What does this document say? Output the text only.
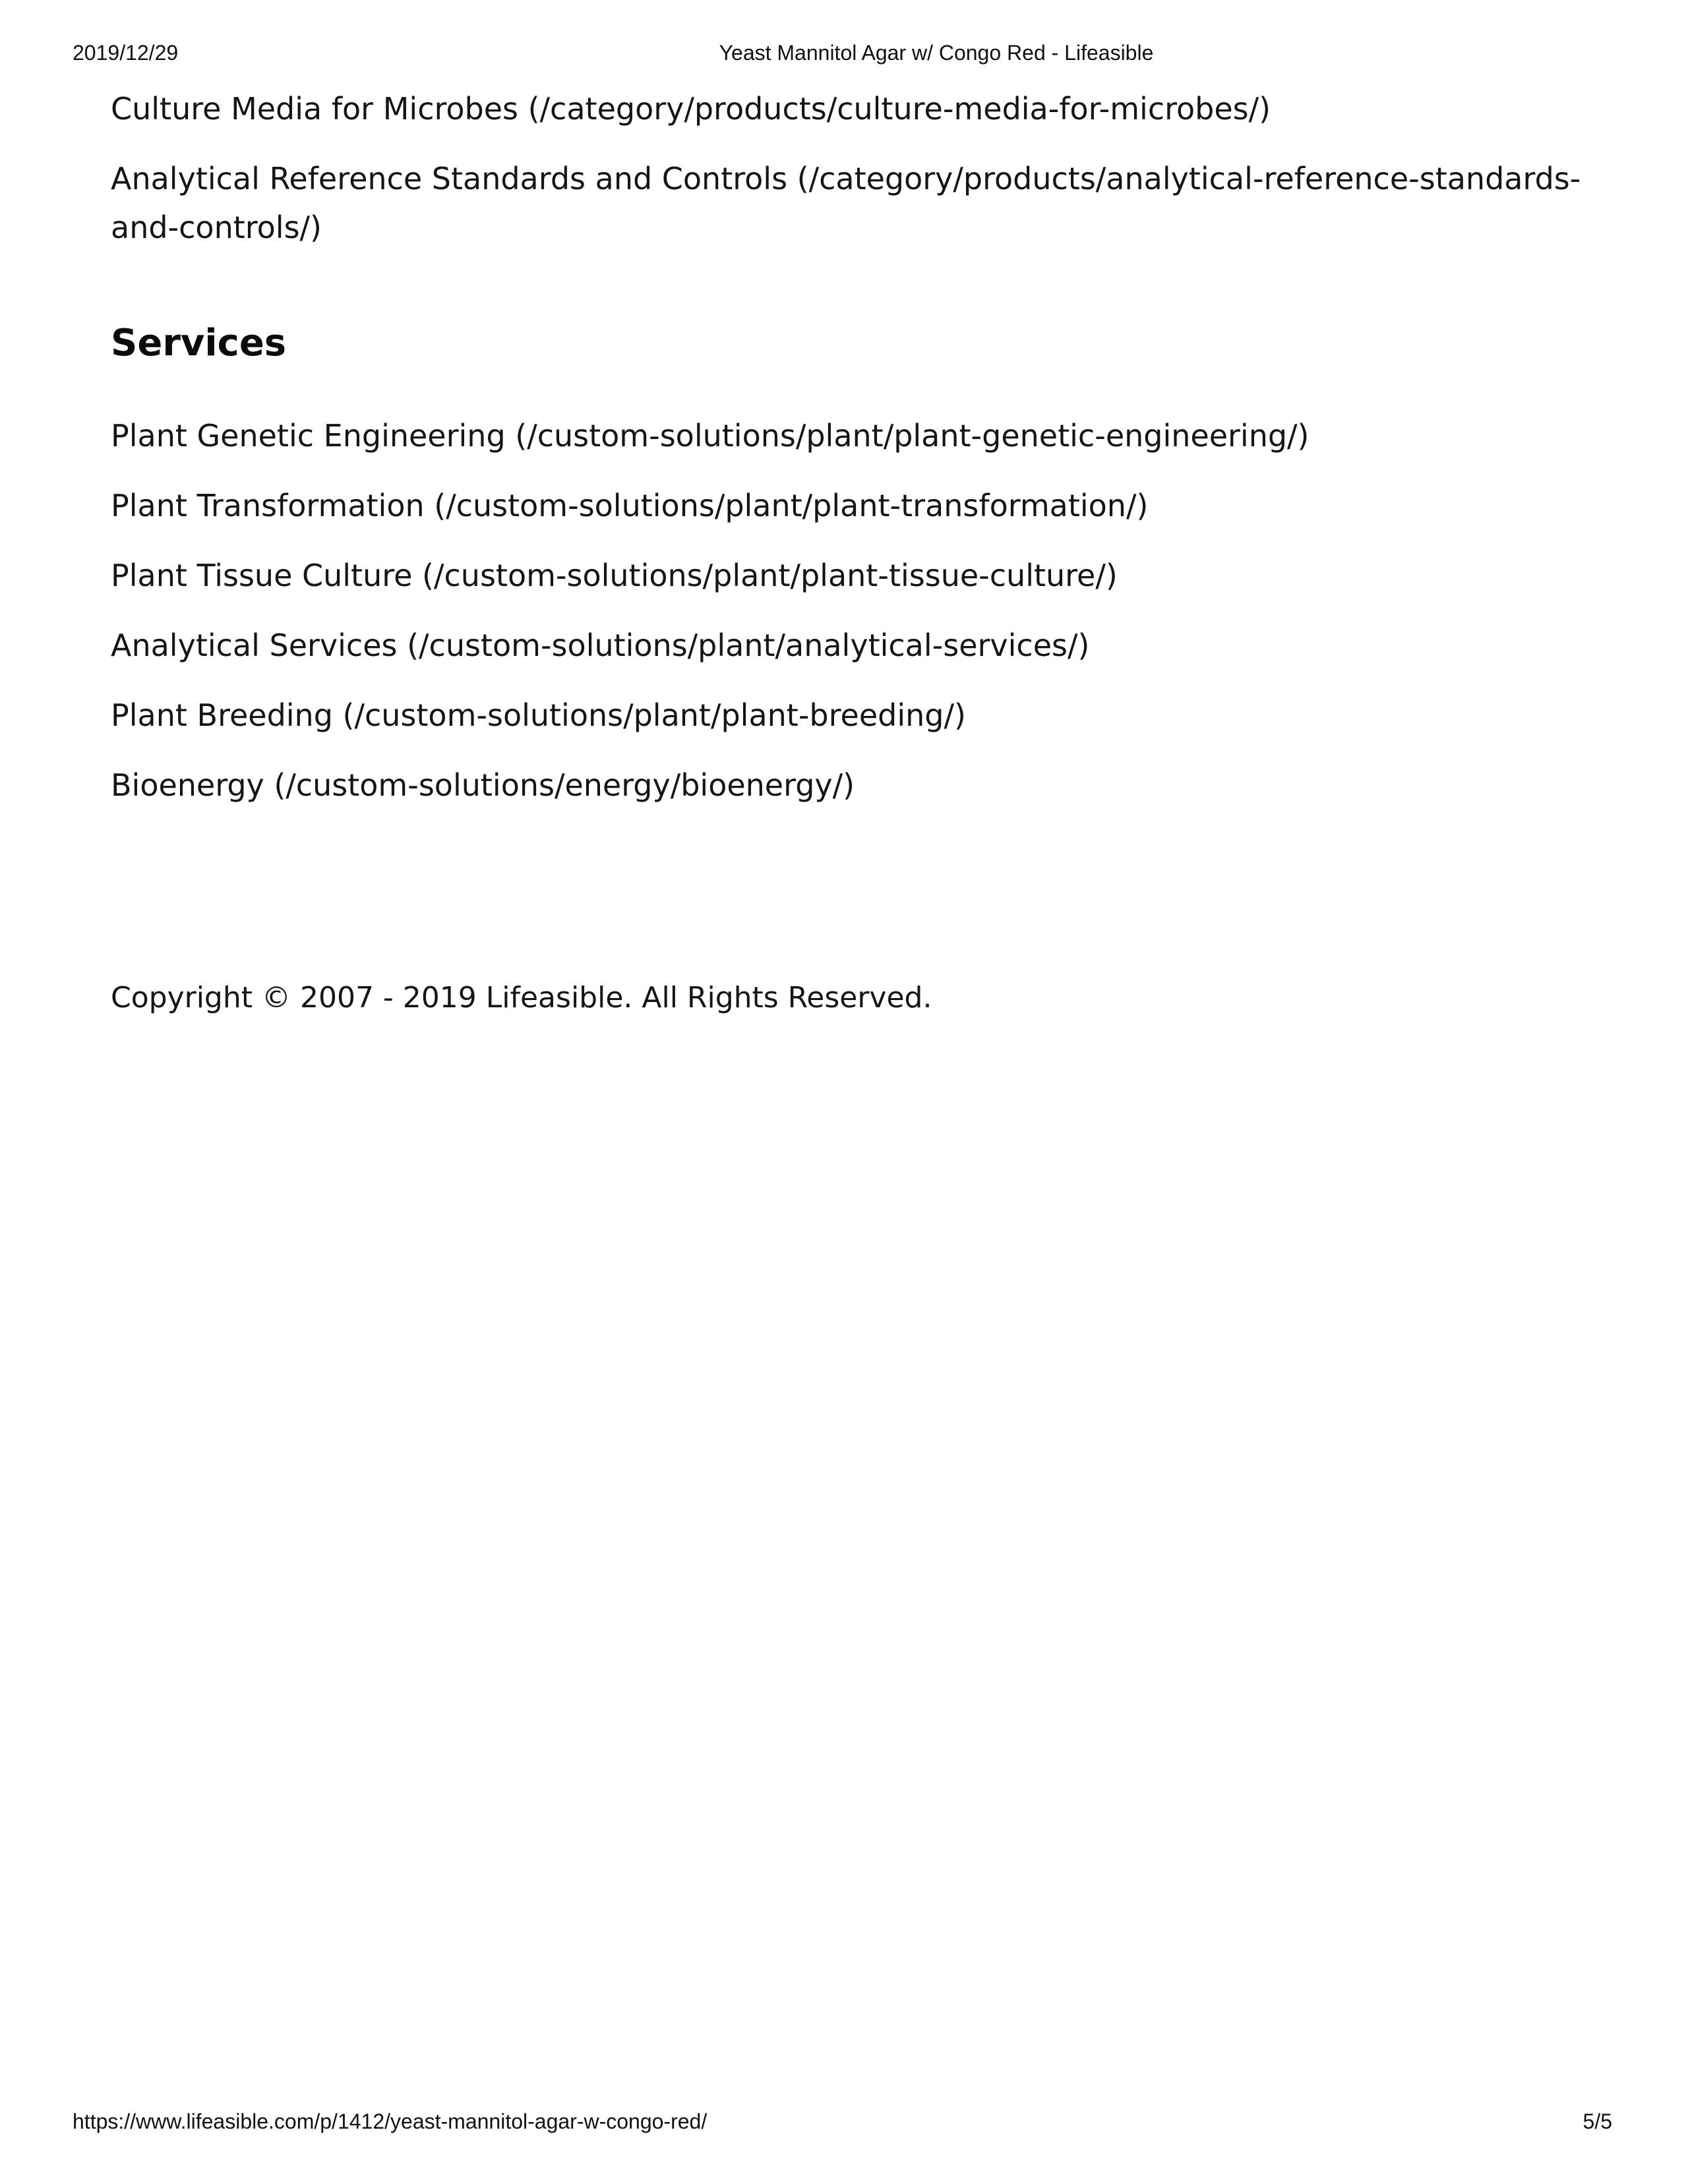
2019/12/29	Yeast Mannitol Agar w/ Congo Red - Lifeasible
Culture Media for Microbes (/category/products/culture-media-for-microbes/)
Analytical Reference Standards and Controls (/category/products/analytical-reference-standards-and-controls/)
Services
Plant Genetic Engineering (/custom-solutions/plant/plant-genetic-engineering/)
Plant Transformation (/custom-solutions/plant/plant-transformation/)
Plant Tissue Culture (/custom-solutions/plant/plant-tissue-culture/)
Analytical Services (/custom-solutions/plant/analytical-services/)
Plant Breeding (/custom-solutions/plant/plant-breeding/)
Bioenergy (/custom-solutions/energy/bioenergy/)

Copyright © 2007 - 2019 Lifeasible. All Rights Reserved.

https://www.lifeasible.com/p/1412/yeast-mannitol-agar-w-congo-red/	5/5
